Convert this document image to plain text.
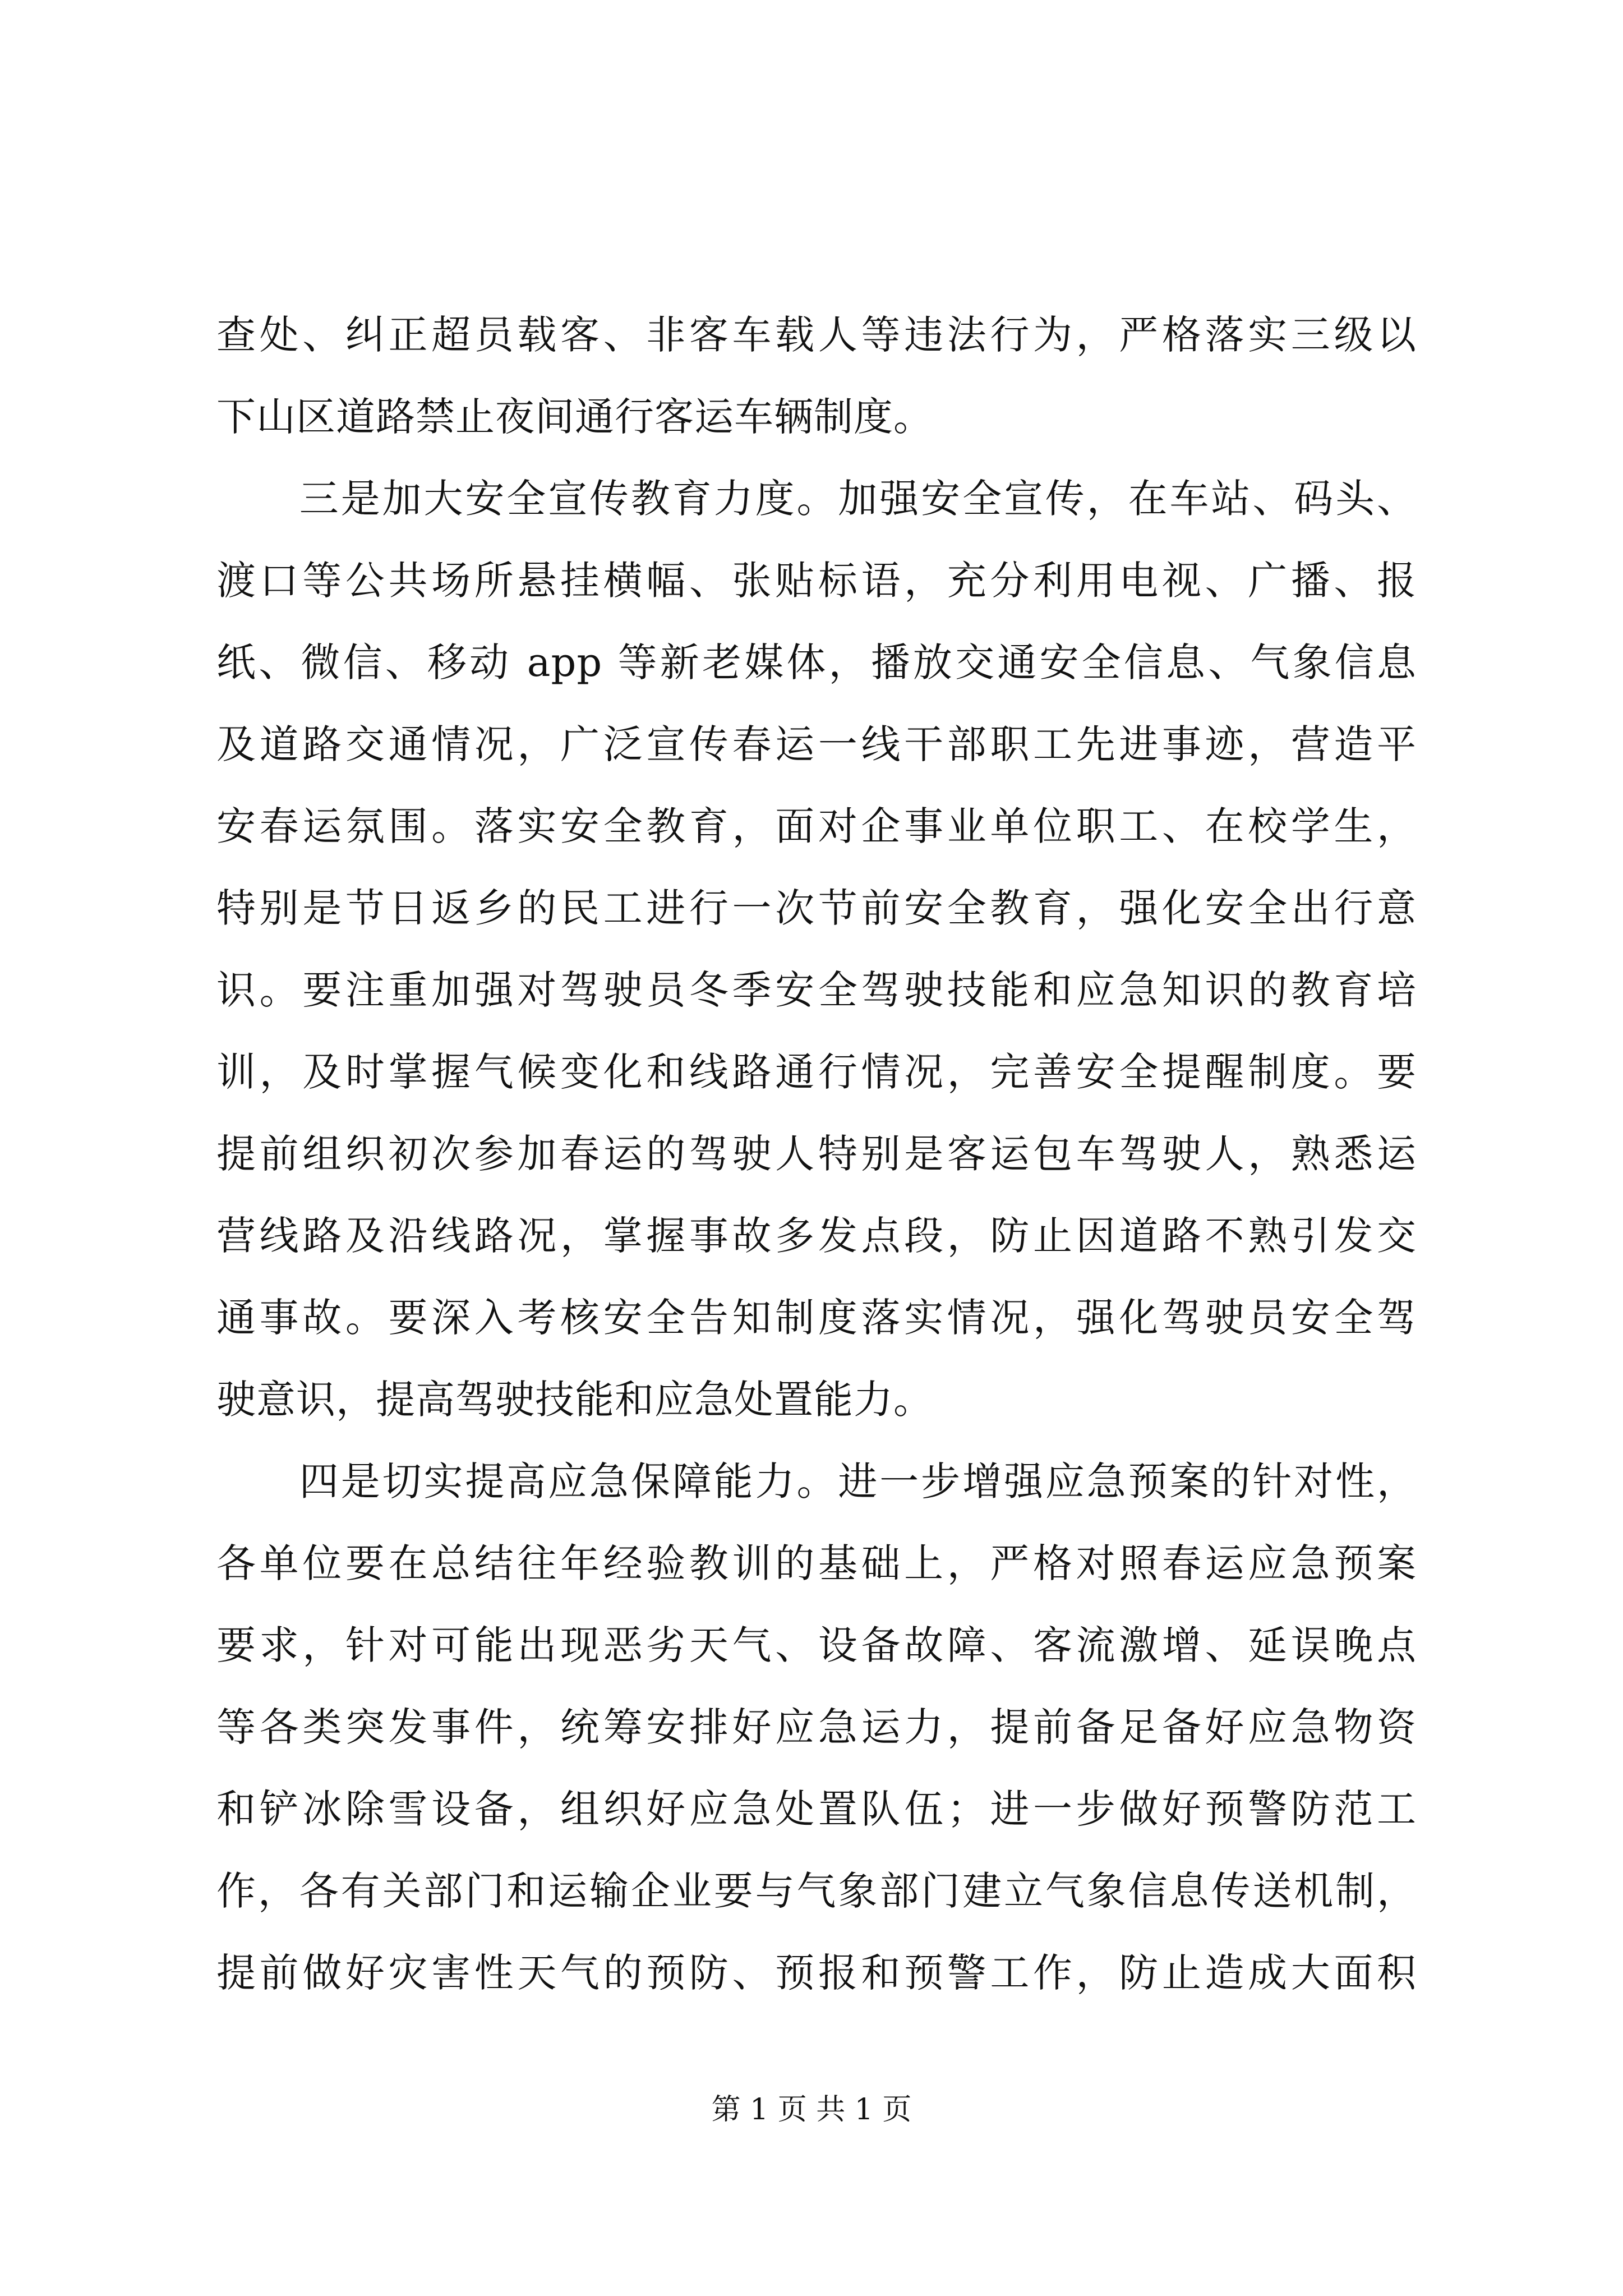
查处、纠正超员载客、非客车载人等违法行为，严格落实三级以
下山区道路禁止夜间通行客运车辆制度。
　　三是加大安全宣传教育力度。加强安全宣传，在车站、码头、
渡口等公共场所悬挂横幅、张贴标语，充分利用电视、广播、报
纸、微信、移动 app 等新老媒体，播放交通安全信息、气象信息
及道路交通情况，广泛宣传春运一线干部职工先进事迹，营造平
安春运氛围。落实安全教育，面对企事业单位职工、在校学生，
特别是节日返乡的民工进行一次节前安全教育，强化安全出行意
识。要注重加强对驾驶员冬季安全驾驶技能和应急知识的教育培
训，及时掌握气候变化和线路通行情况，完善安全提醒制度。要
提前组织初次参加春运的驾驶人特别是客运包车驾驶人，熟悉运
营线路及沿线路况，掌握事故多发点段，防止因道路不熟引发交
通事故。要深入考核安全告知制度落实情况，强化驾驶员安全驾
驶意识，提高驾驶技能和应急处置能力。
　　四是切实提高应急保障能力。进一步增强应急预案的针对性，
各单位要在总结往年经验教训的基础上，严格对照春运应急预案
要求，针对可能出现恶劣天气、设备故障、客流激增、延误晚点
等各类突发事件，统筹安排好应急运力，提前备足备好应急物资
和铲冰除雪设备，组织好应急处置队伍；进一步做好预警防范工
作，各有关部门和运输企业要与气象部门建立气象信息传送机制，
提前做好灾害性天气的预防、预报和预警工作，防止造成大面积
第 1 页 共 1 页
